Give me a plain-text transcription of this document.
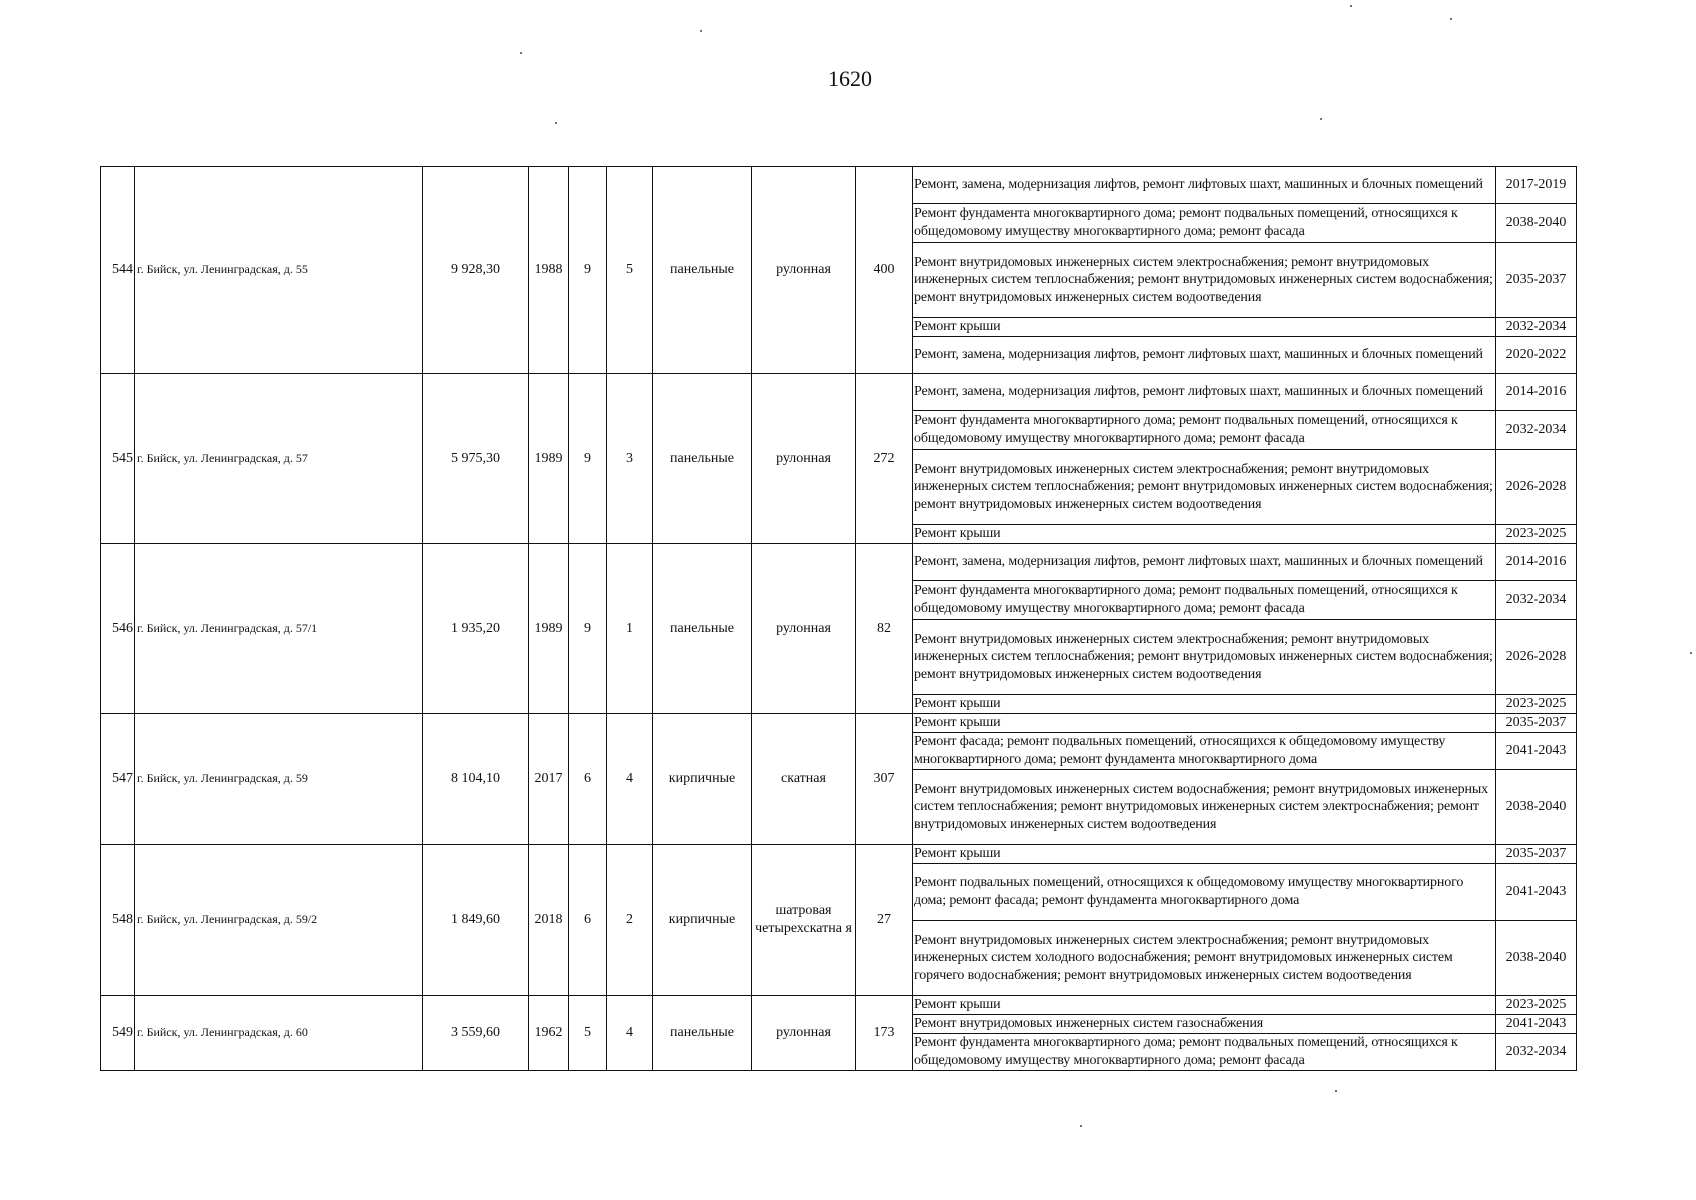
1620
544	г. Бийск, ул. Ленинградская, д. 55	9 928,30	1988	9	5	панельные	рулонная	400	Ремонт, замена, модернизация лифтов, ремонт лифтовых шахт, машинных и блочных помещений	2017-2019
									Ремонт фундамента многоквартирного дома; ремонт подвальных помещений, относящихся к общедомовому имуществу многоквартирного дома; ремонт фасада	2038-2040
									Ремонт внутридомовых инженерных систем электроснабжения; ремонт внутридомовых инженерных систем теплоснабжения; ремонт внутридомовых инженерных систем водоснабжения; ремонт внутридомовых инженерных систем водоотведения	2035-2037
									Ремонт крыши	2032-2034
									Ремонт, замена, модернизация лифтов, ремонт лифтовых шахт, машинных и блочных помещений	2020-2022
545	г. Бийск, ул. Ленинградская, д. 57	5 975,30	1989	9	3	панельные	рулонная	272	Ремонт, замена, модернизация лифтов, ремонт лифтовых шахт, машинных и блочных помещений	2014-2016
									Ремонт фундамента многоквартирного дома; ремонт подвальных помещений, относящихся к общедомовому имуществу многоквартирного дома; ремонт фасада	2032-2034
									Ремонт внутридомовых инженерных систем электроснабжения; ремонт внутридомовых инженерных систем теплоснабжения; ремонт внутридомовых инженерных систем водоснабжения; ремонт внутридомовых инженерных систем водоотведения	2026-2028
									Ремонт крыши	2023-2025
546	г. Бийск, ул. Ленинградская, д. 57/1	1 935,20	1989	9	1	панельные	рулонная	82	Ремонт, замена, модернизация лифтов, ремонт лифтовых шахт, машинных и блочных помещений	2014-2016
									Ремонт фундамента многоквартирного дома; ремонт подвальных помещений, относящихся к общедомовому имуществу многоквартирного дома; ремонт фасада	2032-2034
									Ремонт внутридомовых инженерных систем электроснабжения; ремонт внутридомовых инженерных систем теплоснабжения; ремонт внутридомовых инженерных систем водоснабжения; ремонт внутридомовых инженерных систем водоотведения	2026-2028
									Ремонт крыши	2023-2025
547	г. Бийск, ул. Ленинградская, д. 59	8 104,10	2017	6	4	кирпичные	скатная	307	Ремонт крыши	2035-2037
									Ремонт фасада; ремонт подвальных помещений, относящихся к общедомовому имуществу многоквартирного дома; ремонт фундамента многоквартирного дома	2041-2043
									Ремонт внутридомовых инженерных систем водоснабжения; ремонт внутридомовых инженерных систем теплоснабжения; ремонт внутридомовых инженерных систем электроснабжения; ремонт внутридомовых инженерных систем водоотведения	2038-2040
548	г. Бийск, ул. Ленинградская, д. 59/2	1 849,60	2018	6	2	кирпичные	шатровая четырехскатна я	27	Ремонт крыши	2035-2037
									Ремонт подвальных помещений, относящихся к общедомовому имуществу многоквартирного дома; ремонт фасада; ремонт фундамента многоквартирного дома	2041-2043
									Ремонт внутридомовых инженерных систем электроснабжения; ремонт внутридомовых инженерных систем холодного водоснабжения; ремонт внутридомовых инженерных систем горячего водоснабжения; ремонт внутридомовых инженерных систем водоотведения	2038-2040
549	г. Бийск, ул. Ленинградская, д. 60	3 559,60	1962	5	4	панельные	рулонная	173	Ремонт крыши	2023-2025
									Ремонт внутридомовых инженерных систем газоснабжения	2041-2043
									Ремонт фундамента многоквартирного дома; ремонт подвальных помещений, относящихся к общедомовому имуществу многоквартирного дома; ремонт фасада	2032-2034
